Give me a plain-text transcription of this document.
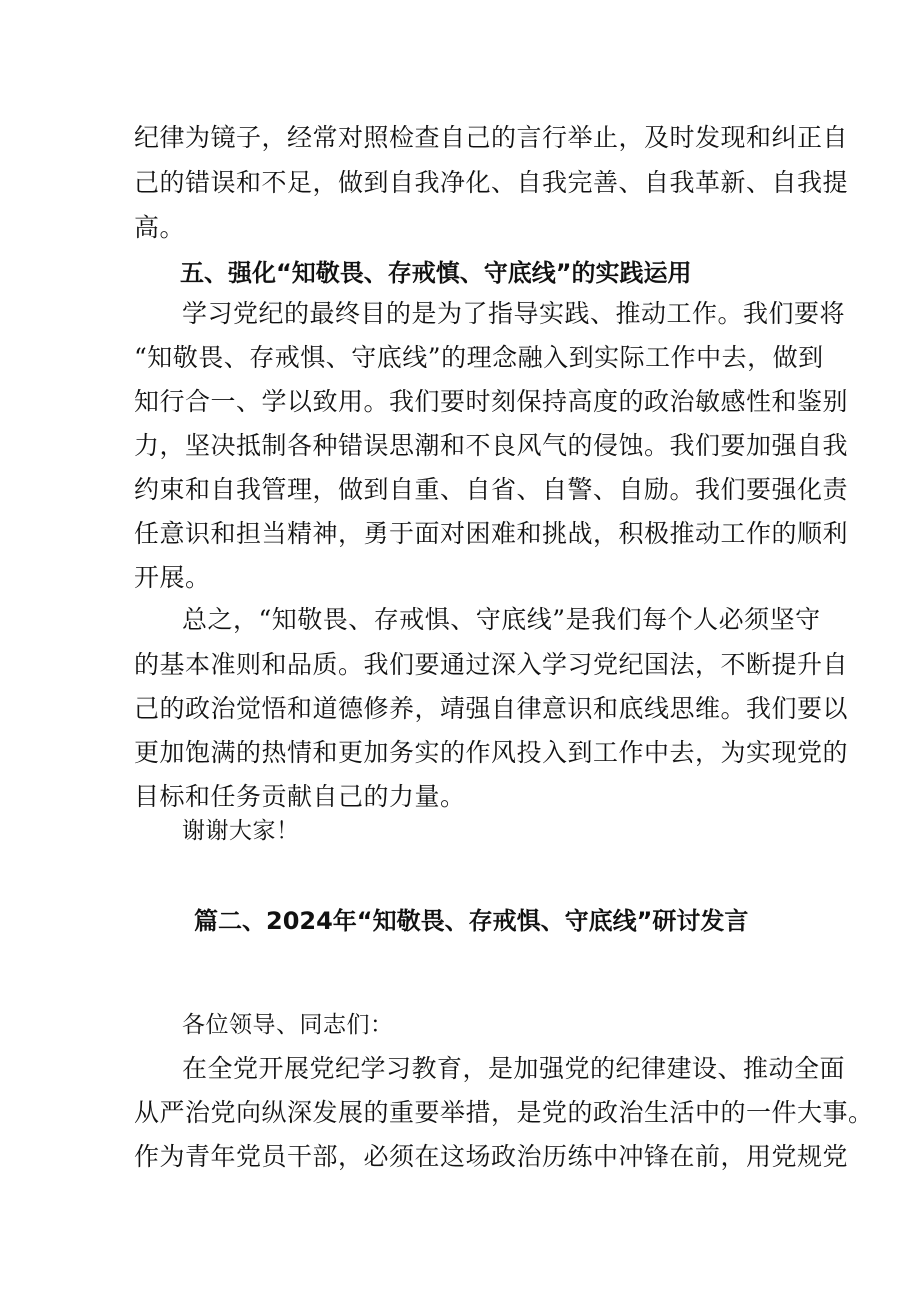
纪律为镜子，经常对照检查自己的言行举止，及时发现和纠正自
己的错误和不足，做到自我净化、自我完善、自我革新、自我提
高。
五、强化“知敬畏、存戒慎、守底线”的实践运用
学习党纪的最终目的是为了指导实践、推动工作。我们要将
“知敬畏、存戒惧、守底线”的理念融入到实际工作中去，做到
知行合一、学以致用。我们要时刻保持高度的政治敏感性和鉴别
力，坚决抵制各种错误思潮和不良风气的侵蚀。我们要加强自我
约束和自我管理，做到自重、自省、自警、自励。我们要强化责
任意识和担当精神，勇于面对困难和挑战，积极推动工作的顺利
开展。
总之，“知敬畏、存戒惧、守底线”是我们每个人必须坚守
的基本准则和品质。我们要通过深入学习党纪国法，不断提升自
己的政治觉悟和道德修养，靖强自律意识和底线思维。我们要以
更加饱满的热情和更加务实的作风投入到工作中去，为实现党的
目标和任务贡献自己的力量。
谢谢大家！
篇二、2024年“知敬畏、存戒惧、守底线”研讨发言
各位领导、同志们：
在全党开展党纪学习教育，是加强党的纪律建设、推动全面
从严治党向纵深发展的重要举措，是党的政治生活中的一件大事。
作为青年党员干部，必须在这场政治历练中冲锋在前，用党规党
